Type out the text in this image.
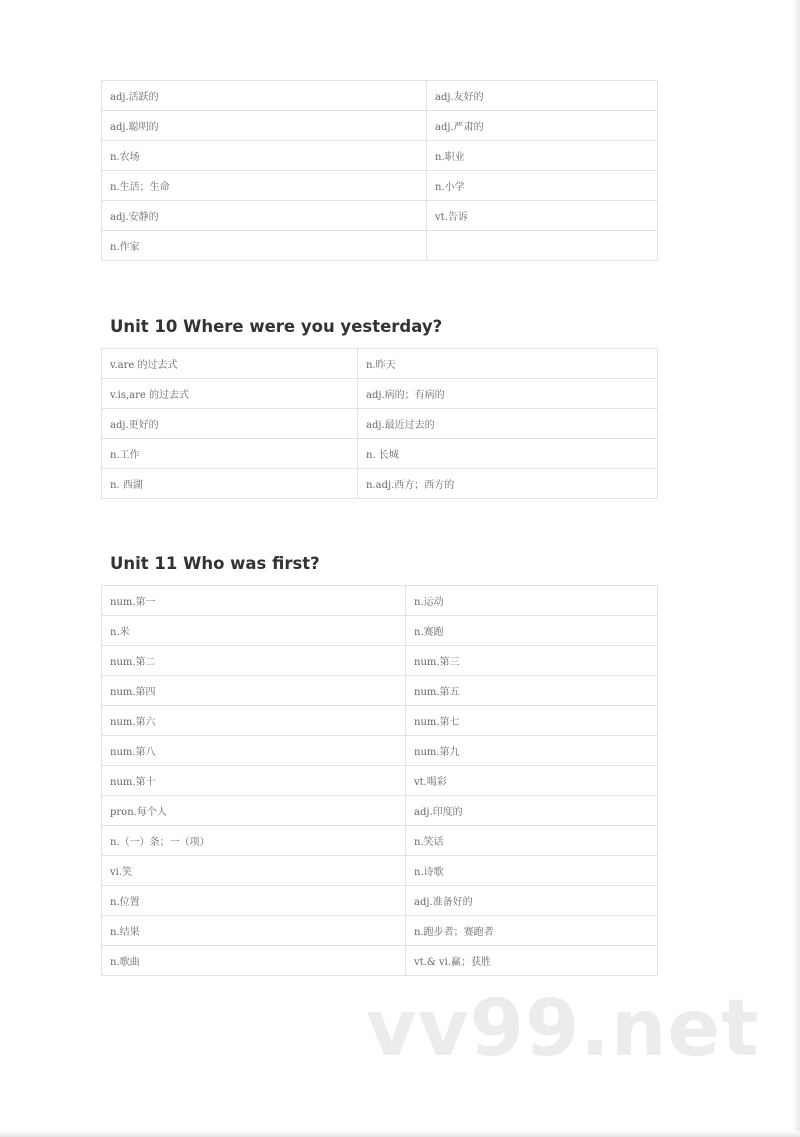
adj.活跃的	adj.友好的
adj.聪明的	adj.严肃的
n.农场	n.职业
n.生活；生命	n.小学
adj.安静的	vt.告诉
n.作家	
Unit 10 Where were you yesterday?
v.are 的过去式	n.昨天
v.is,are 的过去式	adj.病的；有病的
adj.更好的	adj.最近过去的
n.工作	n. 长城
n. 西湖	n.adj.西方；西方的
Unit 11 Who was first?
num.第一	n.运动
n.米	n.赛跑
num.第二	num.第三
num.第四	num.第五
num.第六	num.第七
num.第八	num.第九
num.第十	vt.喝彩
pron.每个人	adj.印度的
n.（一）条；一（项）	n.笑话
vi.笑	n.诗歌
n.位置	adj.准备好的
n.结果	n.跑步者；赛跑者
n.歌曲	vt.& vi.赢；获胜
vv99.net
